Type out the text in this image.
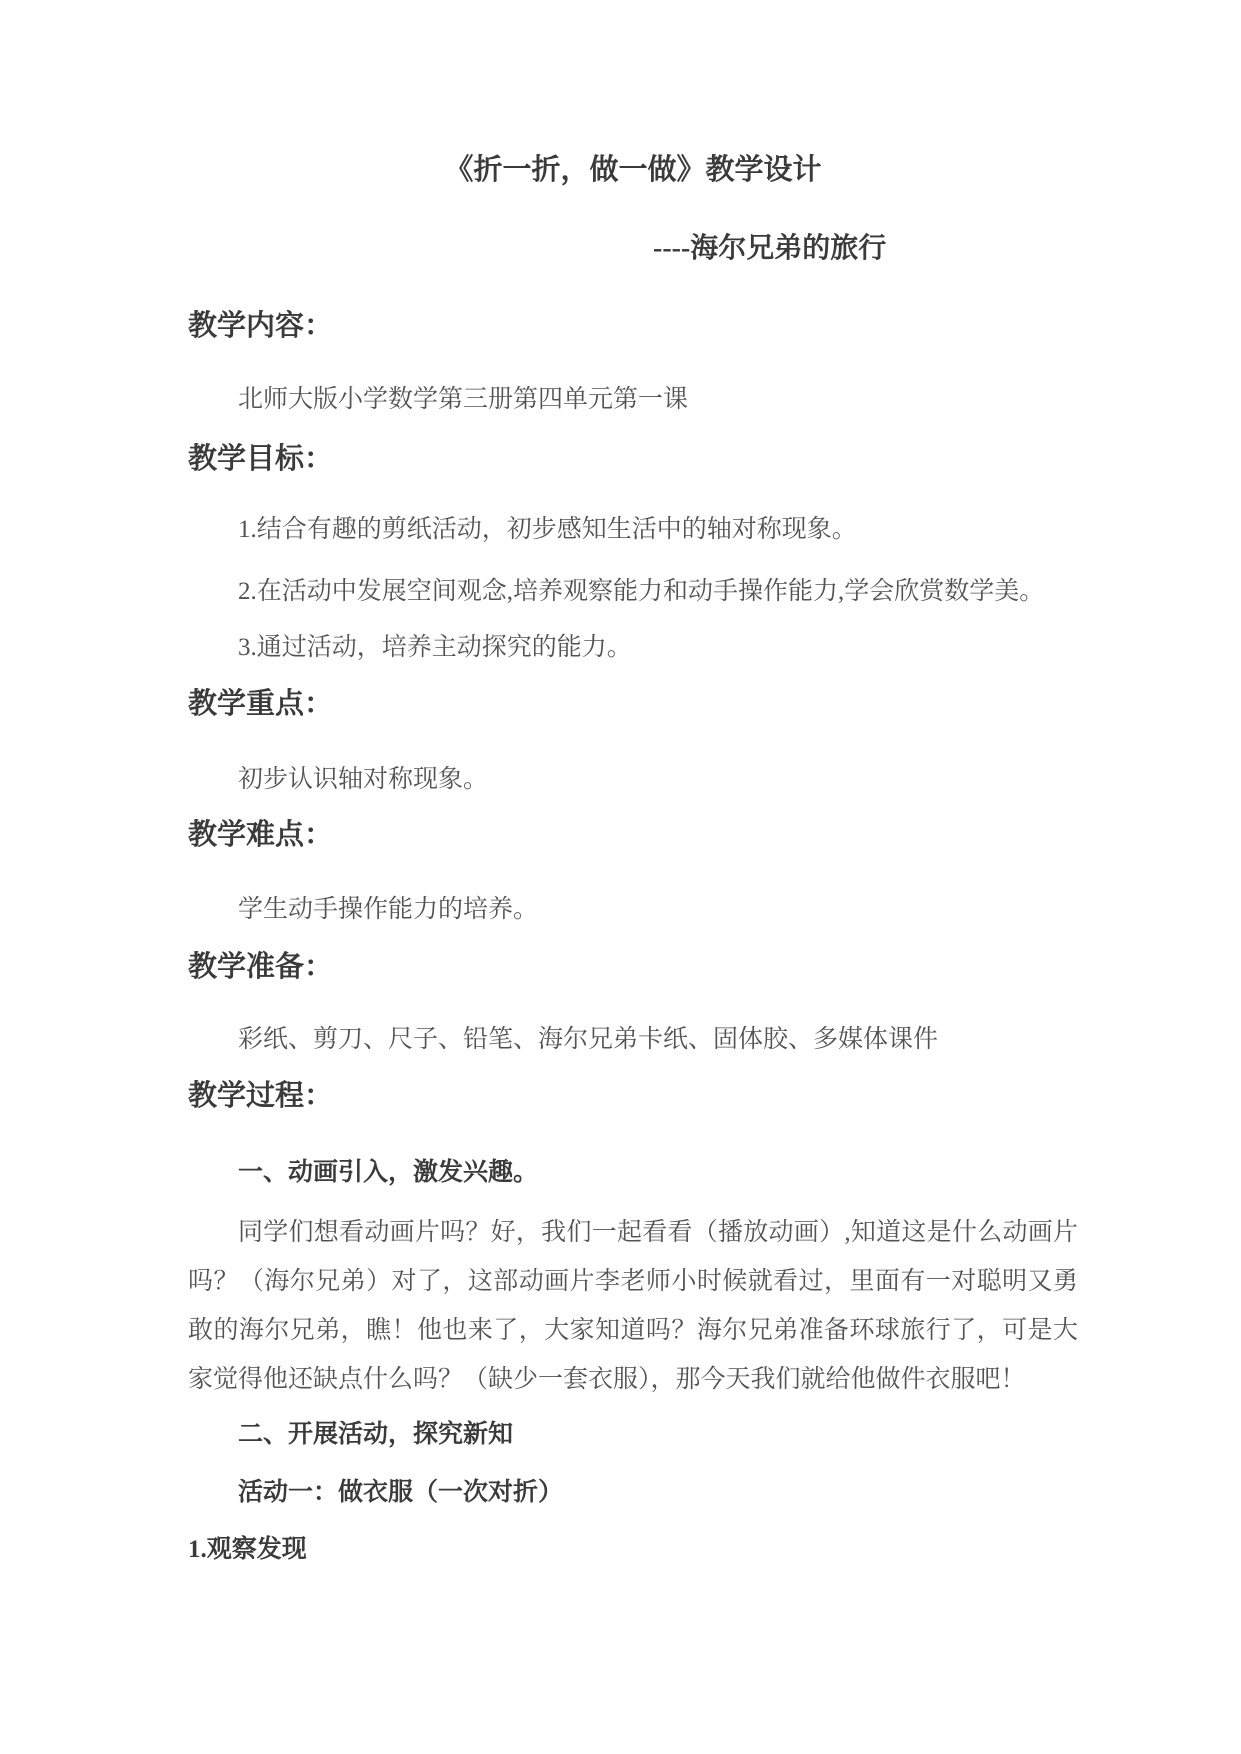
《折一折，做一做》教学设计
----海尔兄弟的旅行
教学内容：
北师大版小学数学第三册第四单元第一课
教学目标：
1.结合有趣的剪纸活动，初步感知生活中的轴对称现象。
2.在活动中发展空间观念,培养观察能力和动手操作能力,学会欣赏数学美。
3.通过活动，培养主动探究的能力。
教学重点：
初步认识轴对称现象。
教学难点：
学生动手操作能力的培养。
教学准备：
彩纸、剪刀、尺子、铅笔、海尔兄弟卡纸、固体胶、多媒体课件
教学过程：
一、动画引入，激发兴趣。
同学们想看动画片吗？好，我们一起看看（播放动画）,知道这是什么动画片吗？（海尔兄弟）对了，这部动画片李老师小时候就看过，里面有一对聪明又勇敢的海尔兄弟，瞧！他也来了，大家知道吗？海尔兄弟准备环球旅行了，可是大家觉得他还缺点什么吗？（缺少一套衣服），那今天我们就给他做件衣服吧！
二、开展活动，探究新知
活动一：做衣服（一次对折）
1.观察发现
